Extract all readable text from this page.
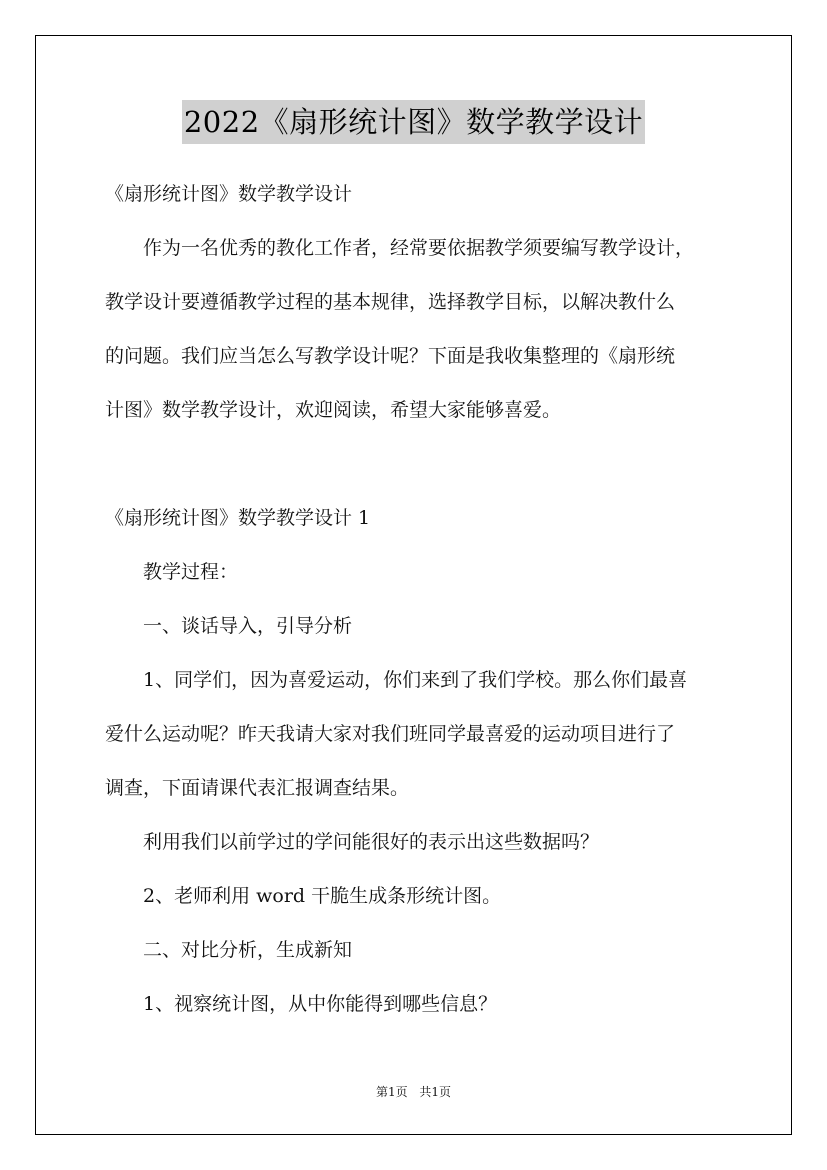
2022《扇形统计图》数学教学设计
《扇形统计图》数学教学设计
作为一名优秀的教化工作者，经常要依据教学须要编写教学设计，
教学设计要遵循教学过程的基本规律，选择教学目标，以解决教什么
的问题。我们应当怎么写教学设计呢？下面是我收集整理的《扇形统
计图》数学教学设计，欢迎阅读，希望大家能够喜爱。
《扇形统计图》数学教学设计 1
教学过程：
一、谈话导入，引导分析
1、同学们，因为喜爱运动，你们来到了我们学校。那么你们最喜
爱什么运动呢？昨天我请大家对我们班同学最喜爱的运动项目进行了
调查，下面请课代表汇报调查结果。
利用我们以前学过的学问能很好的表示出这些数据吗？
2、老师利用 word 干脆生成条形统计图。
二、对比分析，生成新知
1、视察统计图，从中你能得到哪些信息？
第1页 共1页
